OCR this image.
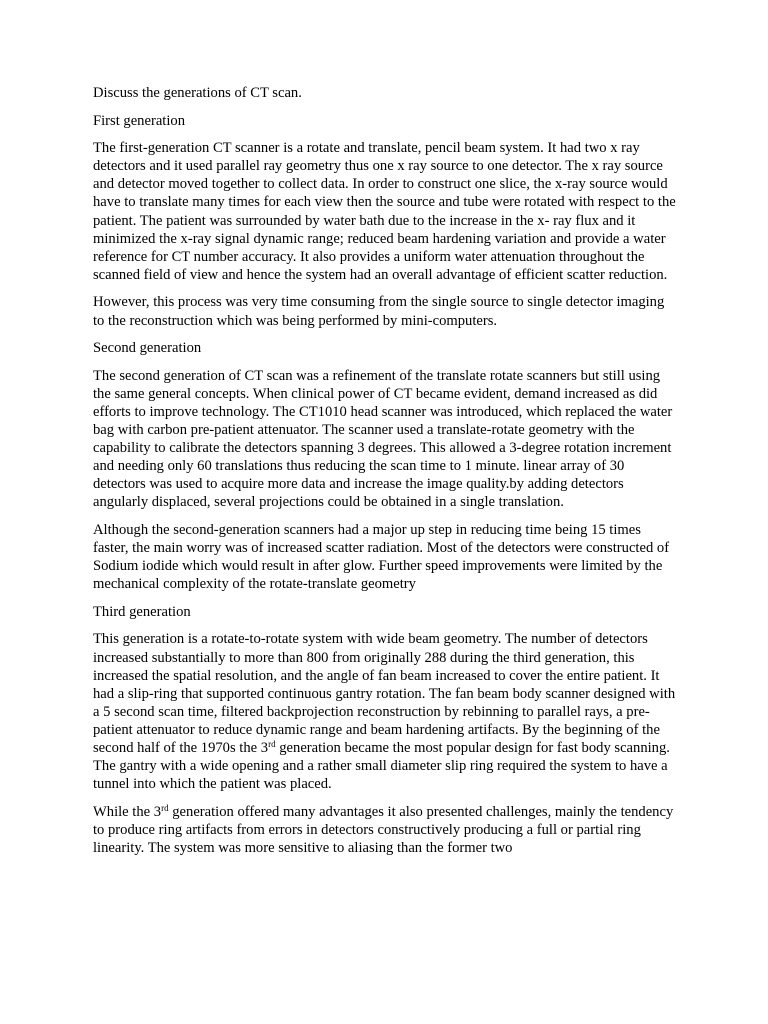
Discuss the generations of CT scan.

First generation

The first-generation CT scanner is a rotate and translate, pencil beam system. It had two x ray detectors and it used parallel ray geometry thus one x ray source to one detector. The x ray source and detector moved together to collect data. In order to construct one slice, the x-ray source would have to translate many times for each view then the source and tube were rotated with respect to the patient. The patient was surrounded by water bath due to the increase in the x- ray flux and it minimized the x-ray signal dynamic range; reduced beam hardening variation and provide a water reference for CT number accuracy. It also provides a uniform water attenuation throughout the scanned field of view and hence the system had an overall advantage of efficient scatter reduction.

However, this process was very time consuming from the single source to single detector imaging to the reconstruction which was being performed by mini-computers.

Second generation

The second generation of CT scan was a refinement of the translate rotate scanners but still using the same general concepts. When clinical power of CT became evident, demand increased as did efforts to improve technology. The CT1010 head scanner was introduced, which replaced the water bag with carbon pre-patient attenuator. The scanner used a translate-rotate geometry with the capability to calibrate the detectors spanning 3 degrees. This allowed a 3-degree rotation increment and needing only 60 translations thus reducing the scan time to 1 minute. linear array of 30 detectors was used to acquire more data and increase the image quality.by adding detectors angularly displaced, several projections could be obtained in a single translation.

Although the second-generation scanners had a major up step in reducing time being 15 times faster, the main worry was of increased scatter radiation. Most of the detectors were constructed of Sodium iodide which would result in after glow. Further speed improvements were limited by the mechanical complexity of the rotate-translate geometry

Third generation

This generation is a rotate-to-rotate system with wide beam geometry. The number of detectors increased substantially to more than 800 from originally 288 during the third generation, this increased the spatial resolution, and the angle of fan beam increased to cover the entire patient. It had a slip-ring that supported continuous gantry rotation. The fan beam body scanner designed with a 5 second scan time, filtered backprojection reconstruction by rebinning to parallel rays, a pre-patient attenuator to reduce dynamic range and beam hardening artifacts. By the beginning of the second half of the 1970s the 3rd generation became the most popular design for fast body scanning. The gantry with a wide opening and a rather small diameter slip ring required the system to have a tunnel into which the patient was placed.

While the 3rd generation offered many advantages it also presented challenges, mainly the tendency to produce ring artifacts from errors in detectors constructively producing a full or partial ring linearity. The system was more sensitive to aliasing than the former two
